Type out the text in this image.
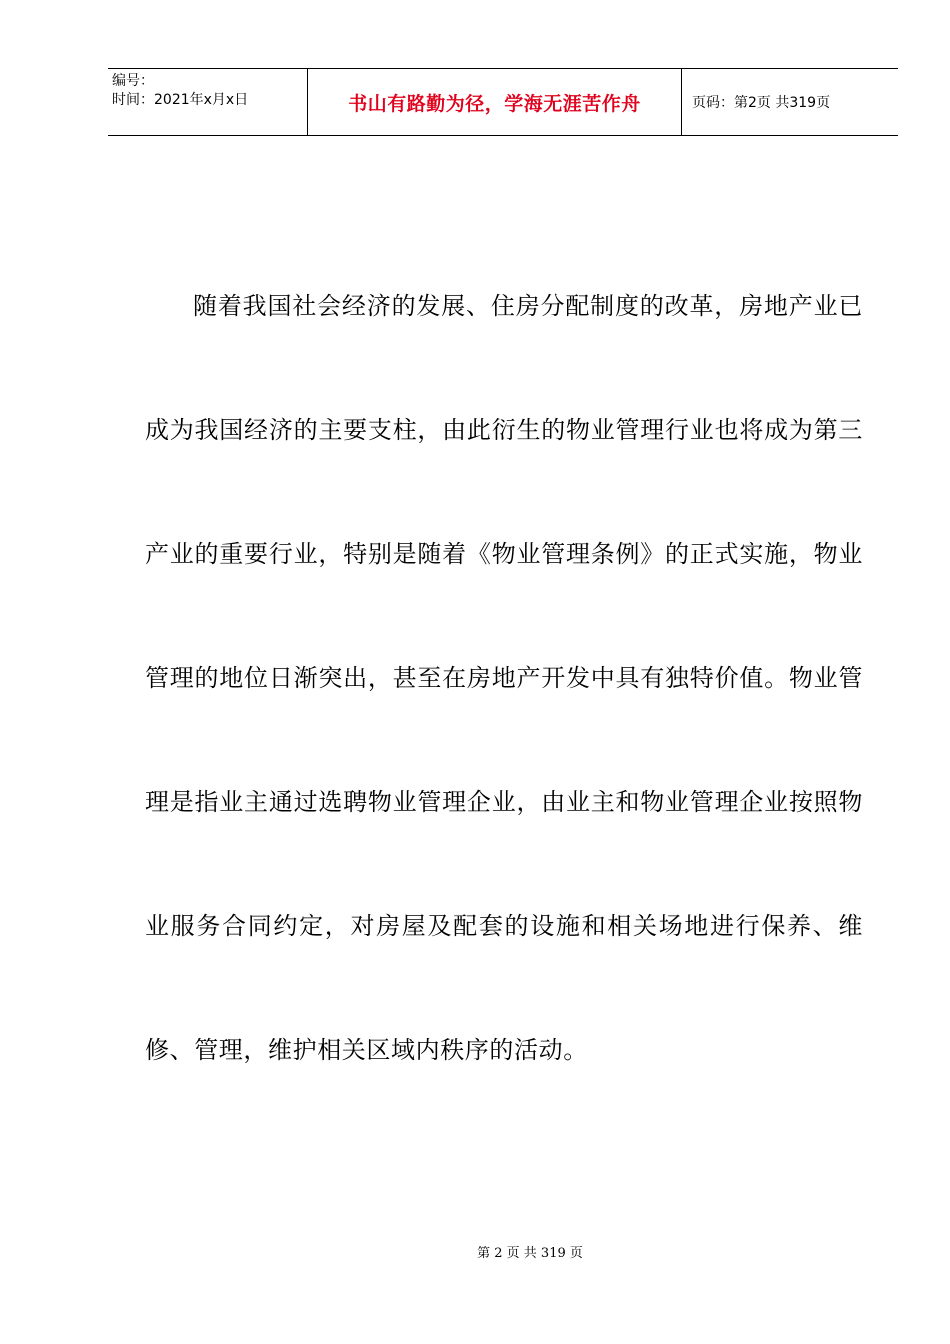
编号：
时间：2021年x月x日	书山有路勤为径，学海无涯苦作舟	页码：第2页 共319页

随着我国社会经济的发展、住房分配制度的改革，房地产业已成为我国经济的主要支柱，由此衍生的物业管理行业也将成为第三产业的重要行业，特别是随着《物业管理条例》的正式实施，物业管理的地位日渐突出，甚至在房地产开发中具有独特价值。物业管理是指业主通过选聘物业管理企业，由业主和物业管理企业按照物业服务合同约定，对房屋及配套的设施和相关场地进行保养、维修、管理，维护相关区域内秩序的活动。

第 2 页 共 319 页
